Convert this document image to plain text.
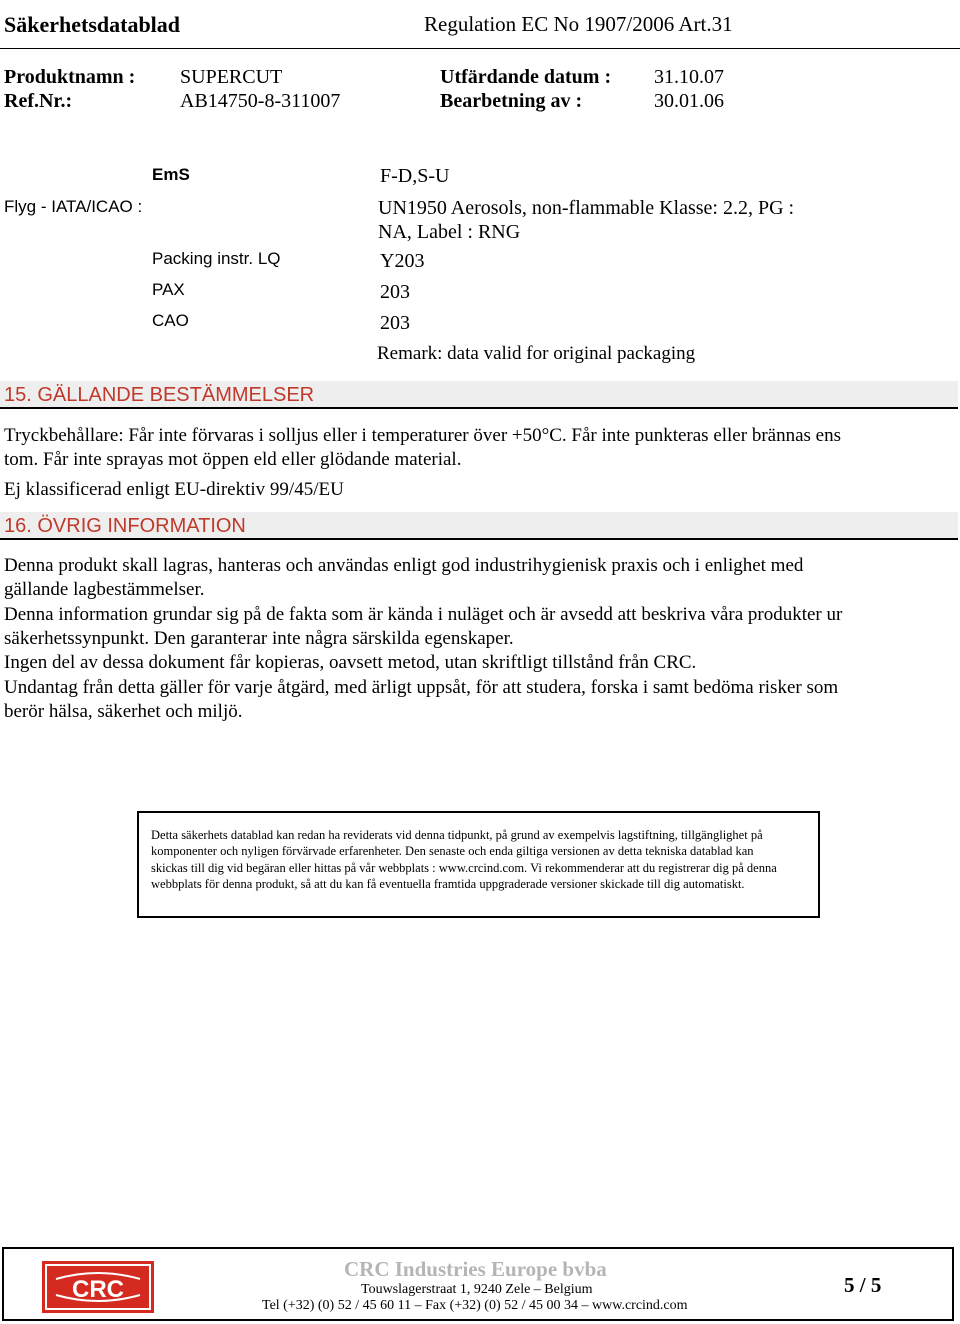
Säkerhetsdatablad	Regulation EC No 1907/2006 Art.31
Produktnamn : SUPERCUT	Utfärdande datum : 31.10.07
Ref.Nr.:	AB14750-8-311007	Bearbetning av :	30.01.06
EmS	F-D,S-U
Flyg - IATA/ICAO :	UN1950 Aerosols, non-flammable Klasse: 2.2, PG :
NA, Label : RNG
Packing instr. LQ	Y203
PAX	203
CAO	203
Remark: data valid for original packaging
15. GÄLLANDE BESTÄMMELSER
Tryckbehållare: Får inte förvaras i solljus eller i temperaturer över +50°C. Får inte punkteras eller brännas ens tom. Får inte sprayas mot öppen eld eller glödande material.
Ej klassificerad enligt EU-direktiv 99/45/EU
16. ÖVRIG INFORMATION
Denna produkt skall lagras, hanteras och användas enligt god industrihygienisk praxis och i enlighet med gällande lagbestämmelser.
Denna information grundar sig på de fakta som är kända i nuläget och är avsedd att beskriva våra produkter ur säkerhetssynpunkt. Den garanterar inte några särskilda egenskaper.
Ingen del av dessa dokument får kopieras, oavsett metod, utan skriftligt tillstånd från CRC.
Undantag från detta gäller för varje åtgärd, med ärligt uppsåt, för att studera, forska i samt bedöma risker som berör hälsa, säkerhet och miljö.
Detta säkerhets datablad kan redan ha reviderats vid denna tidpunkt, på grund av exempelvis lagstiftning, tillgänglighet på komponenter och nyligen förvärvade erfarenheter. Den senaste och enda giltiga versionen av detta tekniska datablad kan skickas till dig vid begäran eller hittas på vår webbplats : www.crcind.com. Vi rekommenderar att du registrerar dig på denna webbplats för denna produkt, så att du kan få eventuella framtida uppgraderade versioner skickade till dig automatiskt.
CRC
CRC Industries Europe bvba
Touwslagerstraat 1, 9240 Zele – Belgium
Tel (+32) (0) 52 / 45 60 11 – Fax (+32) (0) 52 / 45 00 34 – www.crcind.com
5 / 5
